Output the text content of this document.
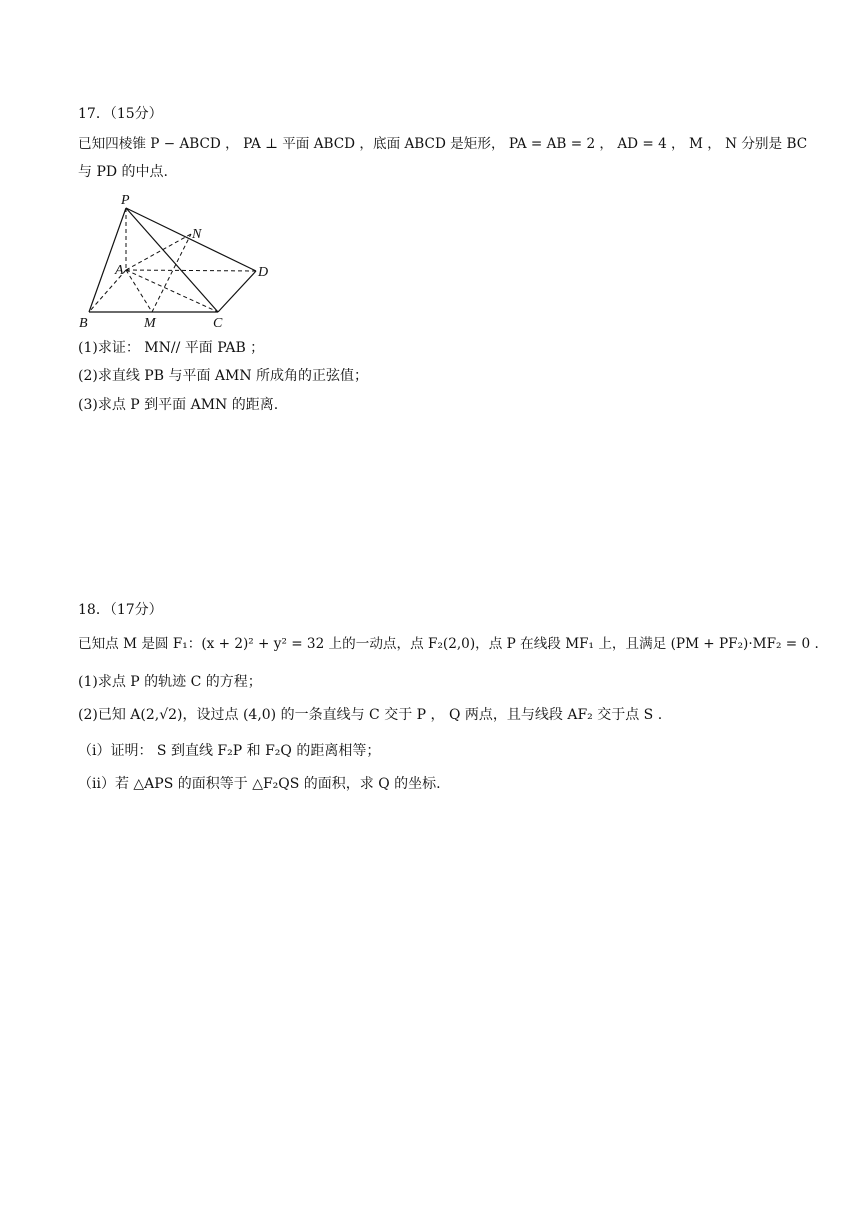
17．（15分）
已知四棱锥 P − ABCD ， PA ⊥ 平面 ABCD ，底面 ABCD 是矩形， PA = AB = 2 ， AD = 4 ， M ， N 分别是 BC
与 PD 的中点.
P
N
A	D
B	M	C
(1)求证： MN// 平面 PAB ；
(2)求直线 PB 与平面 AMN 所成角的正弦值；
(3)求点 P 到平面 AMN 的距离.
18．（17分）
已知点 M 是圆 F₁：(x + 2)² + y² = 32 上的一动点，点 F₂(2,0)，点 P 在线段 MF₁ 上，且满足 (PM + PF₂)·MF₂ = 0 .
(1)求点 P 的轨迹 C 的方程；
(2)已知 A(2,√2)，设过点 (4,0) 的一条直线与 C 交于 P ， Q 两点，且与线段 AF₂ 交于点 S .
（ⅰ）证明： S 到直线 F₂P 和 F₂Q 的距离相等；
（ⅱ）若 △APS 的面积等于 △F₂QS 的面积，求 Q 的坐标.
